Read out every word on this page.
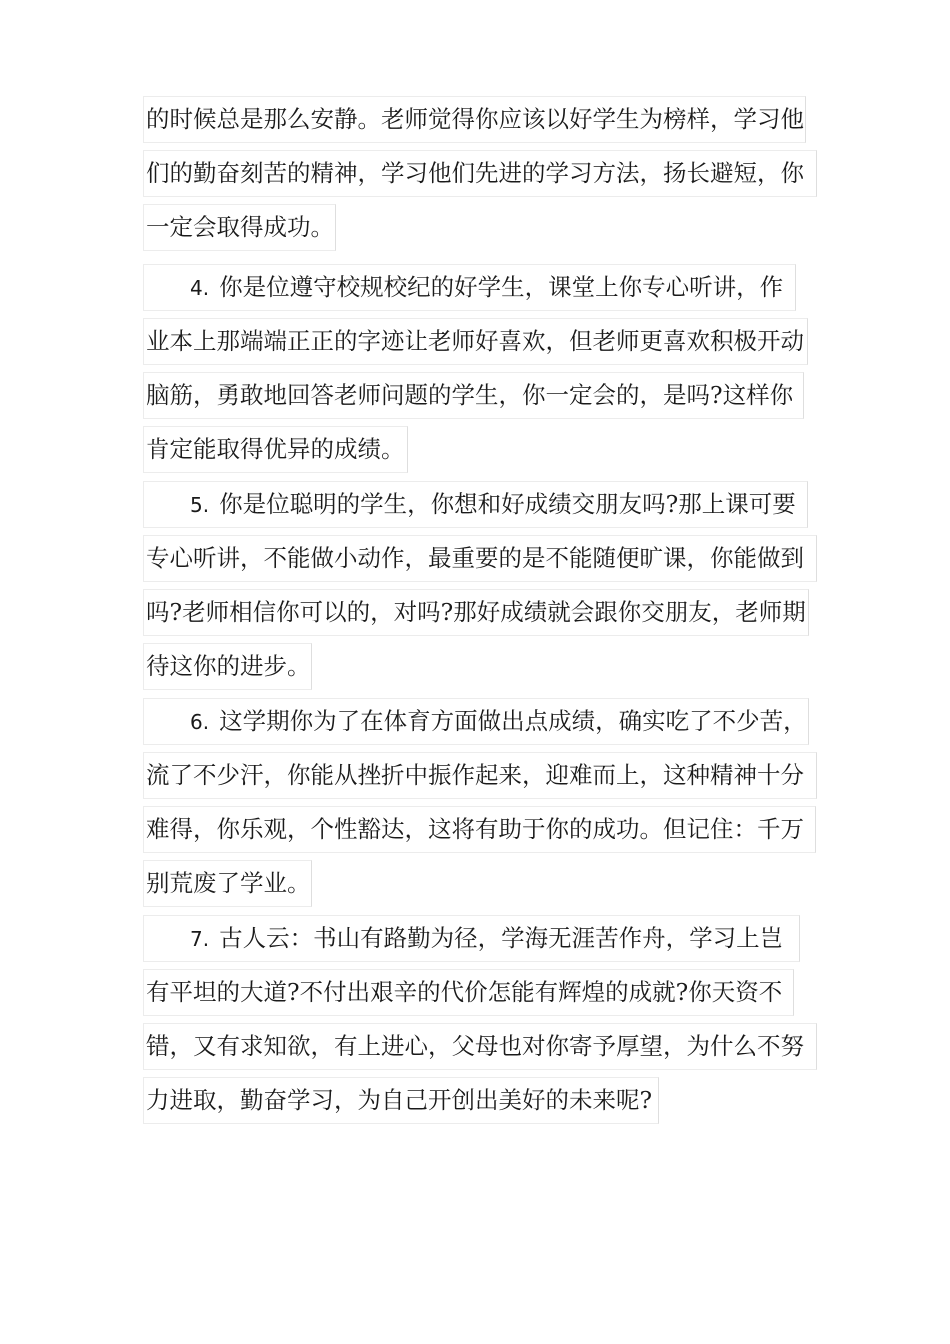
的时候总是那么安静。老师觉得你应该以好学生为榜样，学习他
们的勤奋刻苦的精神，学习他们先进的学习方法，扬长避短，你
一定会取得成功。
4. 你是位遵守校规校纪的好学生，课堂上你专心听讲，作
业本上那端端正正的字迹让老师好喜欢，但老师更喜欢积极开动
脑筋，勇敢地回答老师问题的学生，你一定会的，是吗?这样你
肯定能取得优异的成绩。
5. 你是位聪明的学生，你想和好成绩交朋友吗?那上课可要
专心听讲，不能做小动作，最重要的是不能随便旷课，你能做到
吗?老师相信你可以的，对吗?那好成绩就会跟你交朋友，老师期
待这你的进步。
6. 这学期你为了在体育方面做出点成绩，确实吃了不少苦，
流了不少汗，你能从挫折中振作起来，迎难而上，这种精神十分
难得，你乐观，个性豁达，这将有助于你的成功。但记住：千万
别荒废了学业。
7. 古人云：书山有路勤为径，学海无涯苦作舟，学习上岂
有平坦的大道?不付出艰辛的代价怎能有辉煌的成就?你天资不
错，又有求知欲，有上进心，父母也对你寄予厚望，为什么不努
力进取，勤奋学习，为自己开创出美好的未来呢?
